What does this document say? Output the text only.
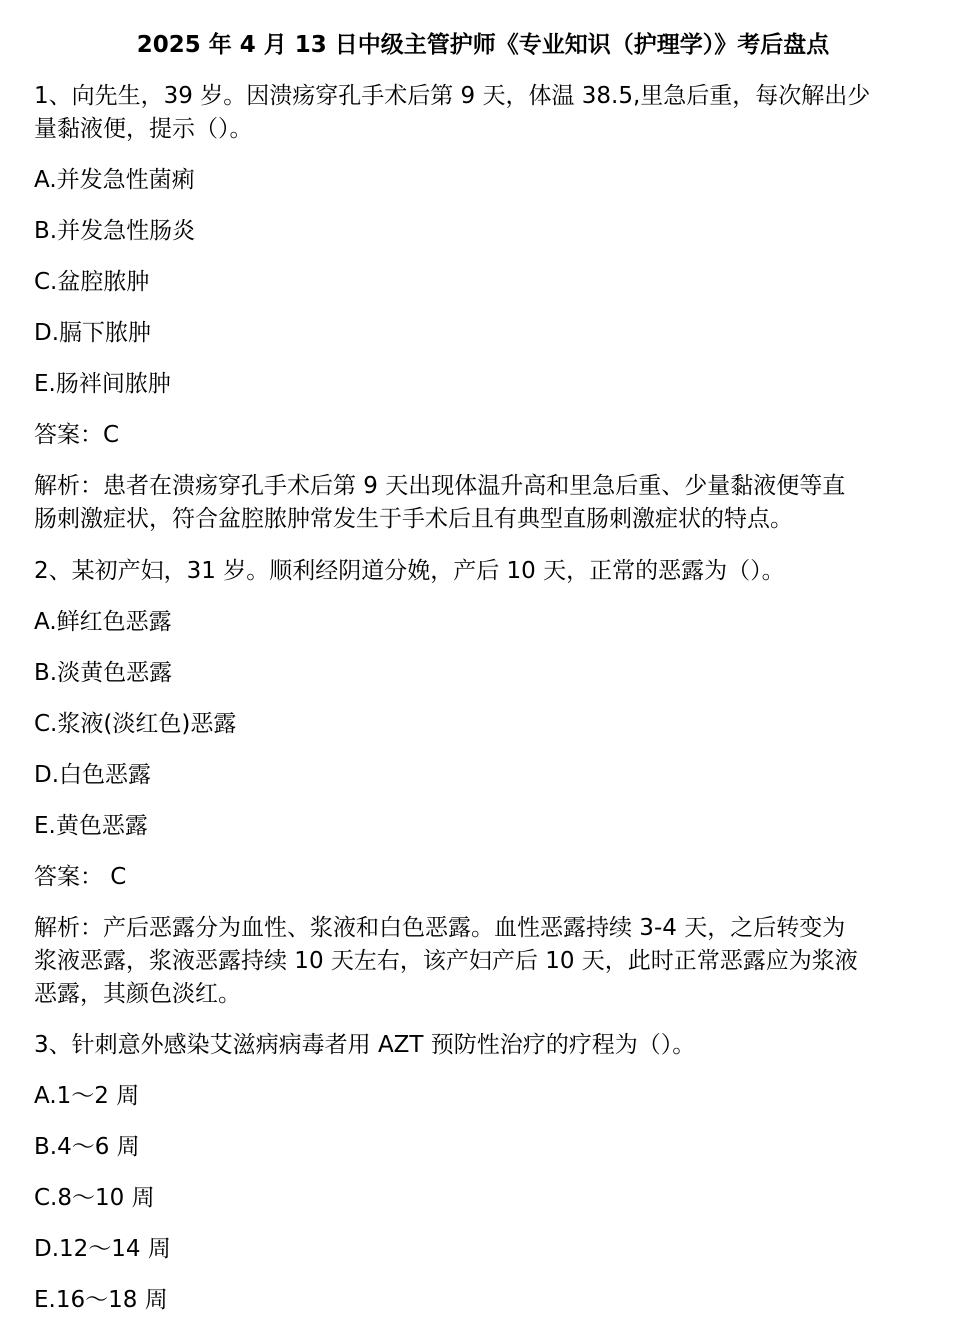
2025 年 4 月 13 日中级主管护师《专业知识（护理学）》考后盘点
1、向先生，39 岁。因溃疡穿孔手术后第 9 天，体温 38.5,里急后重，每次解出少
量黏液便，提示（）。
A.并发急性菌痢
B.并发急性肠炎
C.盆腔脓肿
D.膈下脓肿
E.肠袢间脓肿
答案：C
解析：患者在溃疡穿孔手术后第 9 天出现体温升高和里急后重、少量黏液便等直
肠刺激症状，符合盆腔脓肿常发生于手术后且有典型直肠刺激症状的特点。
2、某初产妇，31 岁。顺利经阴道分娩，产后 10 天，正常的恶露为（）。
A.鲜红色恶露
B.淡黄色恶露
C.浆液(淡红色)恶露
D.白色恶露
E.黄色恶露
答案： C
解析：产后恶露分为血性、浆液和白色恶露。血性恶露持续 3-4 天，之后转变为
浆液恶露，浆液恶露持续 10 天左右，该产妇产后 10 天，此时正常恶露应为浆液
恶露，其颜色淡红。
3、针刺意外感染艾滋病病毒者用 AZT 预防性治疗的疗程为（）。
A.1～2 周
B.4～6 周
C.8～10 周
D.12～14 周
E.16～18 周
